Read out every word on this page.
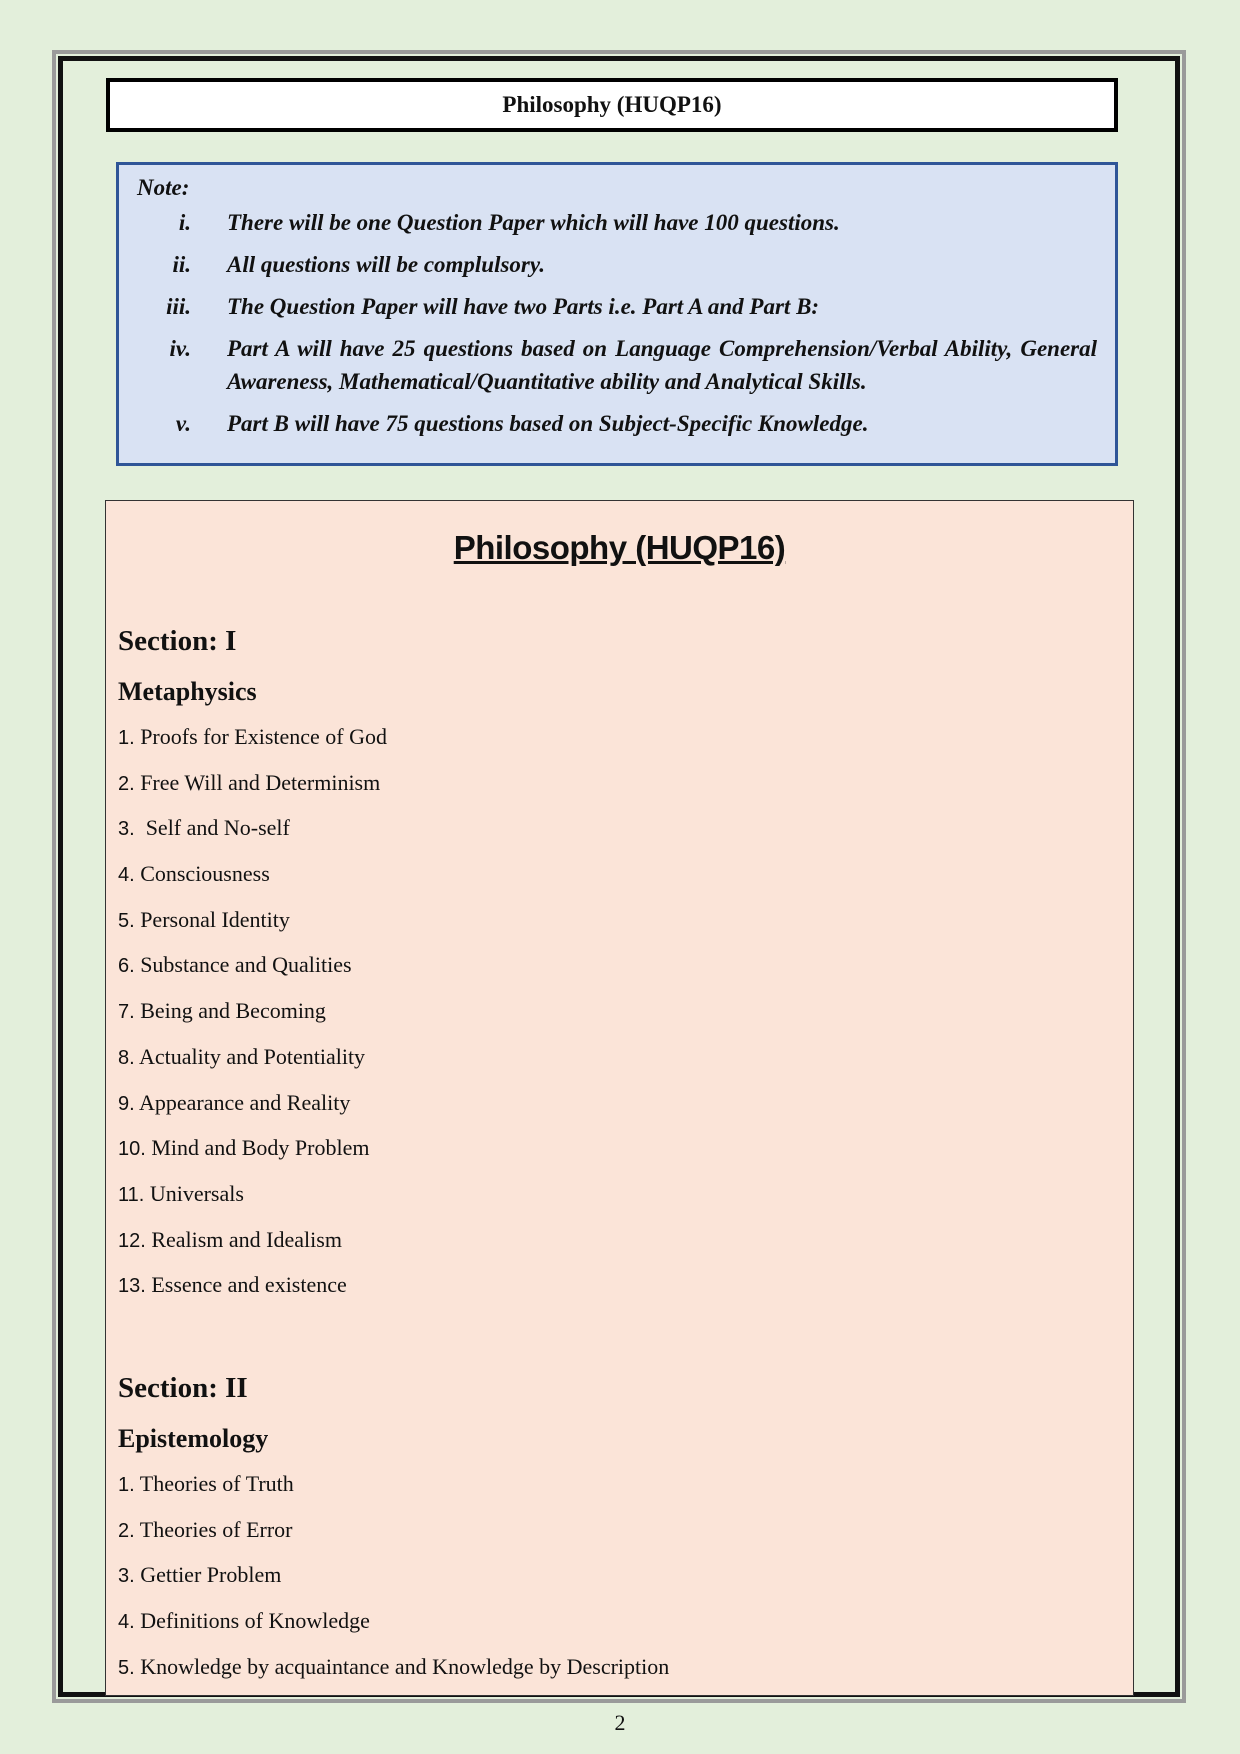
Philosophy (HUQP16)
Note:
i. There will be one Question Paper which will have 100 questions.
ii. All questions will be complulsory.
iii. The Question Paper will have two Parts i.e. Part A and Part B:
iv. Part A will have 25 questions based on Language Comprehension/Verbal Ability, General Awareness, Mathematical/Quantitative ability and Analytical Skills.
v. Part B will have 75 questions based on Subject-Specific Knowledge.
Philosophy (HUQP16)
Section: I
Metaphysics
1. Proofs for Existence of God
2. Free Will and Determinism
3.  Self and No-self
4. Consciousness
5. Personal Identity
6. Substance and Qualities
7. Being and Becoming
8. Actuality and Potentiality
9. Appearance and Reality
10. Mind and Body Problem
11. Universals
12. Realism and Idealism
13. Essence and existence
Section: II
Epistemology
1. Theories of Truth
2. Theories of Error
3. Gettier Problem
4. Definitions of Knowledge
5. Knowledge by acquaintance and Knowledge by Description
2
